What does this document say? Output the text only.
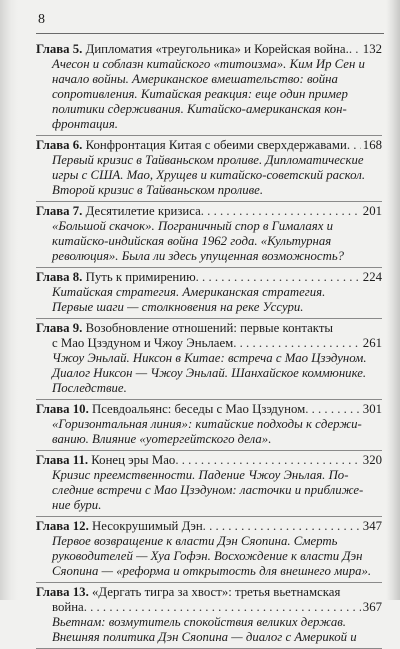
8
Глава 5.
Дипломатия «треугольника» и Корейская война. . . . 132
Ачесон и соблазн китайского «титоизма». Ким Ир Сен и
начало войны. Американское вмешательство: война
сопротивления. Китайская реакция: еще один пример
политики сдерживания. Китайско-американская кон-
фронтация.
Глава 6.
Конфронтация Китая с обеими сверхдержавами . . . 168
Первый кризис в Тайваньском проливе. Дипломатические
игры с США. Мао, Хрущев и китайско-советский раскол.
Второй кризис в Тайваньском проливе.
Глава 7.
Десятилетие кризиса . . .	201
«Большой скачок». Пограничный спор в Гималаях и
китайско-индийская война 1962 года. «Культурная
революция». Была ли здесь упущенная возможность?
Глава 8.
Путь к примирению . . .	224
Китайская стратегия. Американская стратегия.
Первые шаги — столкновения на реке Уссури.
Глава 9.
Возобновление отношений: первые контакты
с Мао Цзэдуном и Чжоу Эньлаем . . .	261
Чжоу Эньлай. Никсон в Китае: встреча с Мао Цзэдуном.
Диалог Никсон — Чжоу Эньлай. Шанхайское коммюнике.
Последствие.
Глава 10.
Псевдоальянс: беседы с Мао Цзэдуном . . .	301
«Горизонтальная линия»: китайские подходы к сдержи-
ванию. Влияние «уотергейтского дела».
Глава 11.
Конец эры Мао . . .	320
Кризис преемственности. Падение Чжоу Эньлая. По-
следние встречи с Мао Цзэдуном: ласточки и приближе-
ние бури.
Глава 12.
Несокрушимый Дэн . . .	347
Первое возвращение к власти Дэн Сяопина. Смерть
руководителей — Хуа Гофэн. Восхождение к власти Дэн
Сяопина — «реформа и открытость для внешнего мира».
Глава 13.
«Дергать тигра за хвост»: третья вьетнамская
война . . .	367
Вьетнам: возмутитель спокойствия великих держав.
Внешняя политика Дэн Сяопина — диалог с Америкой и
